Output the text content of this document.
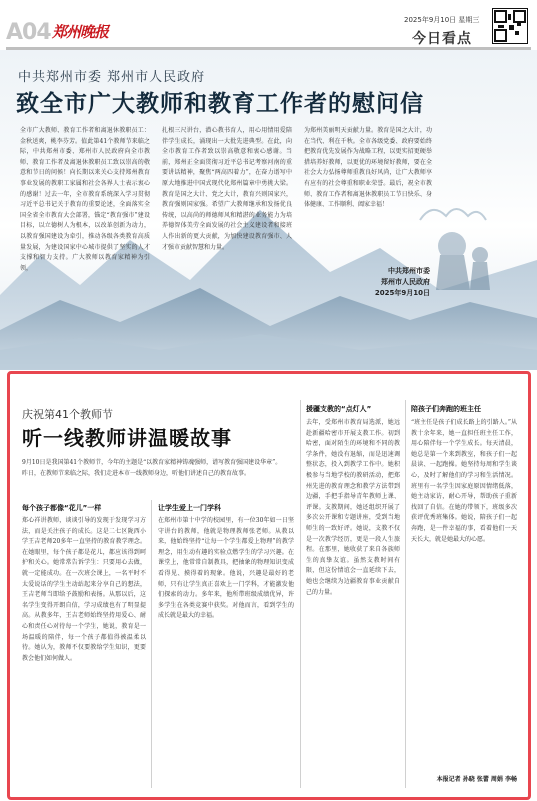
A04 郑州晚报
2025年9月10日 星期三
今日看点
中共郑州市委 郑州市人民政府
致全市广大教师和教育工作者的慰问信

全市广大教师、教育工作者和离退休教职员工：金秋送爽，桃李芬芳。值此第41个教师节来临之际，中共郑州市委、郑州市人民政府向全市教师、教育工作者及离退休教职员工致以崇高的敬意和节日的问候！向长期以来关心支持郑州教育事业发展的教职工家属和社会各界人士表示衷心的感谢！过去一年，全市教育系统深入学习贯彻习近平总书记关于教育的重要论述，全面落实全国全省全市教育大会部署，锚定“教育强市”建设目标，以立德树人为根本，以改革创新为动力，以教育强国建设为牵引，推动各级各类教育高质量发展，为建设国家中心城市提供了坚实的人才支撑和智力支持。广大教师以教育家精神为引领，

扎根三尺讲台，潜心教书育人，用心用情用爱陪伴学生成长，涌现出一大批先进典型。在此，向全市教育工作者致以崇高敬意和衷心感谢。当前，郑州正全面贯彻习近平总书记考察河南的重要讲话精神，聚焦“两高四着力”，在奋力谱写中原大地推进中国式现代化郑州篇章中勇挑大梁。教育是国之大计、党之大计，教育兴则国家兴，教育强则国家强。希望广大教师继承和发扬优良传统，以高尚的师德师风和精湛的业务能力为培养德智体美劳全面发展的社会主义建设者和接班人作出新的更大贡献，为加快建设教育强市、人才强市贡献智慧和力量。

为郑州美丽明天贡献力量。教育是国之大计，功在当代、利在千秋。全市各级党委、政府要始终把教育优先发展作为战略工程，以更实招更硬举措培养好教师，以更优的环境留好教师，要在全社会大力弘扬尊师重教良好风尚，让广大教师享有应有的社会尊重和职业荣誉。最后，祝全市教师、教育工作者和离退休教职员工节日快乐、身体健康、工作顺利、阖家幸福！

中共郑州市委
郑州市人民政府
2025年9月10日
庆祝第41个教师节
听一线教师讲温暖故事
9月10日是我国第41个教师节，今年的主题是“以教育家精神铸魂强师，谱写教育强国建设华章”。昨日，在教师节来临之际，我们走进本市一线教师身边，听他们讲述自己的教育故事。
每个孩子都像“花儿”一样

郑心祥讲教师，谈谈引导的发现于发现学习方法，而是关注孩子的成长。这是二七区陇西小学王吉老师20多年一直坚持的教育教学理念。在她眼里，每个孩子都是花儿，都应该得到呵护和关心。她常常告诉学生：只要用心去做，就一定能成功。在一次班会课上，一名平时不太爱说话的学生主动站起来分享自己的想法，王吉老师当即给予鼓励和表扬。从那以后，这名学生变得开朗自信，学习成绩也有了明显提高。从教多年，王吉老师始终坚持用爱心、耐心和责任心对待每一个学生，她说，教育是一场温暖的陪伴，每一个孩子都值得被温柔以待。她认为，教师不仅要教给学生知识，更要教会他们如何做人。

让学生爱上一门学科

在郑州市第十中学的校园里，有一位30年如一日坚守讲台的教师，他就是物理教师张老师。从教以来，他始终坚持“让每一个学生都爱上物理”的教学理念，用生动有趣的实验点燃学生的学习兴趣。在课堂上，他常常自制教具，把抽象的物理知识变成看得见、摸得着的现象。他说，兴趣是最好的老师，只有让学生真正喜欢上一门学科，才能激发他们探索的动力。多年来，他所带班级成绩优异，许多学生在各类竞赛中获奖。对他而言，看到学生的成长就是最大的幸福。

援疆支教的“点灯人”

去年，受郑州市教育局选派，她远赴新疆哈密市开展支教工作。初到哈密，面对陌生的环境和不同的教学条件，她没有退缩，而是迅速调整状态，投入到教学工作中。她积极参与当地学校的教研活动，把郑州先进的教育理念和教学方法带到边疆，手把手指导青年教师上课、评课。支教期间，她还组织开展了多次公开课和专题讲座，受到当地师生的一致好评。她说，支教不仅是一次教学经历，更是一段人生旅程。在那里，她收获了来自各族师生的真挚友谊。虽然支教时间有限，但这份情谊会一直延续下去，她也会继续为边疆教育事业贡献自己的力量。

陪孩子们奔跑的班主任

“班主任是孩子们成长路上的引路人。”从教十余年来，她一直担任班主任工作，用心陪伴每一个学生成长。每天清晨，她总是第一个来到教室，和孩子们一起晨读、一起跑操。她坚持每周和学生谈心，及时了解他们的学习和生活情况。班里有一名学生因家庭原因情绪低落，她主动家访，耐心开导，帮助孩子重新找回了自信。在她的带领下，班级多次获评优秀班集体。她说，陪孩子们一起奔跑，是一件幸福的事，看着他们一天天长大，就是她最大的心愿。

本报记者 孙晓 张蕾 周娟 李畅
